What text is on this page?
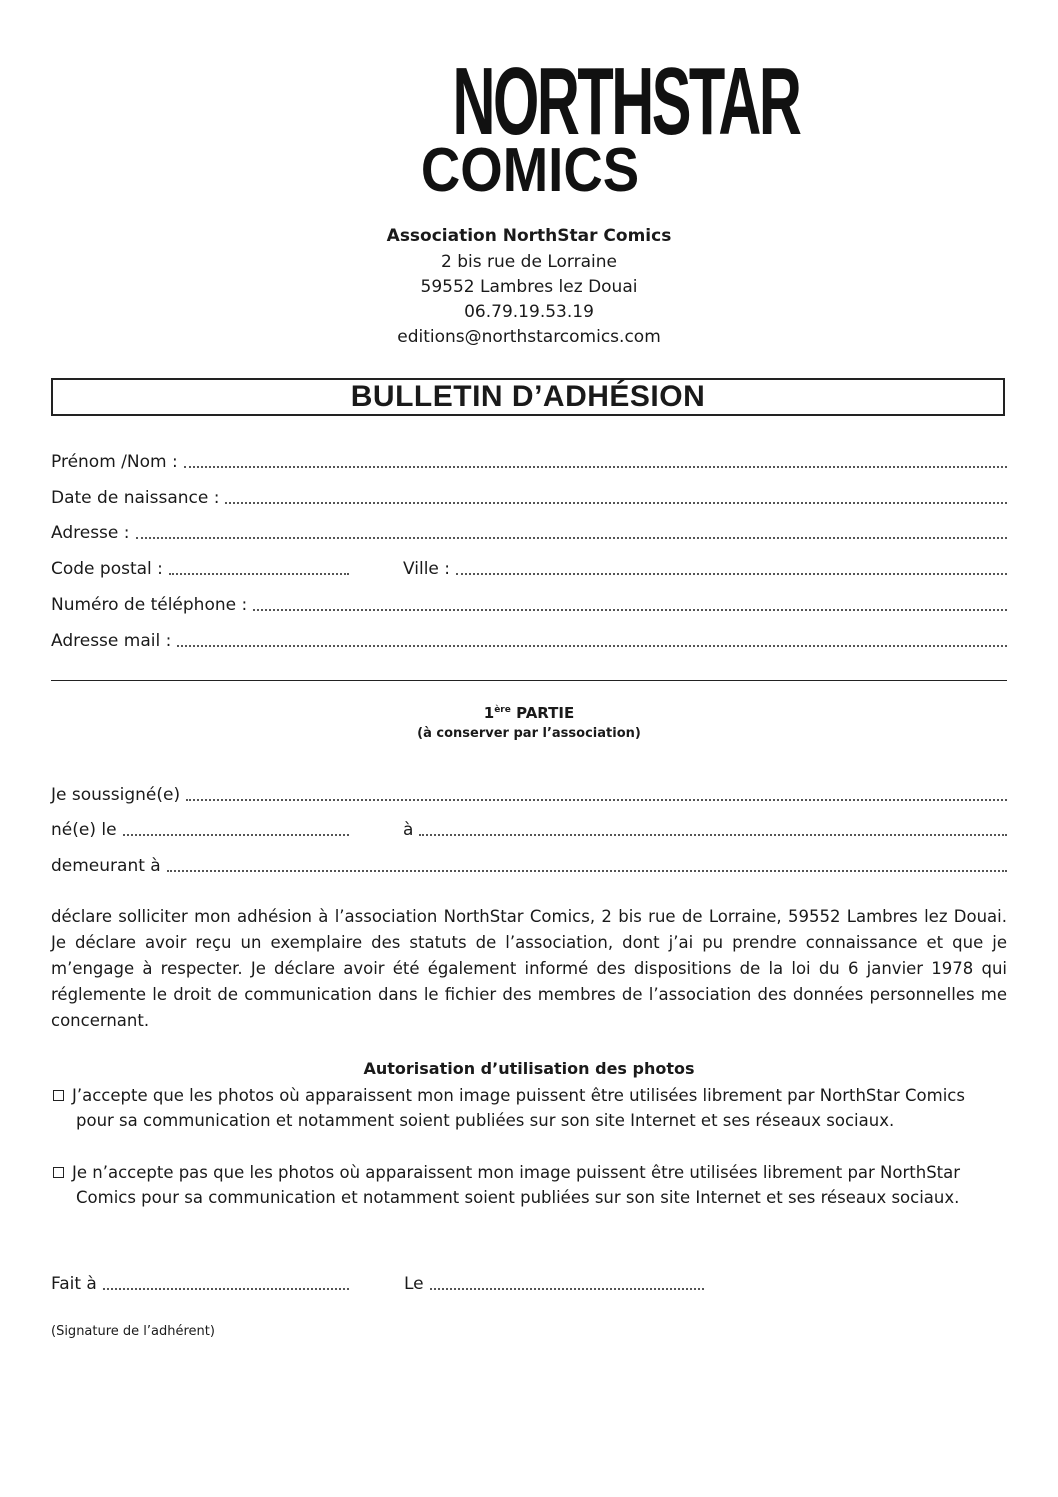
NORTHSTAR
COMICS
Association NorthStar Comics
2 bis rue de Lorraine
59552 Lambres lez Douai
06.79.19.53.19
editions@northstarcomics.com
BULLETIN D’ADHÉSION
Prénom /Nom :
Date de naissance :
Adresse :
Code postal :	Ville :
Numéro de téléphone :
Adresse mail :
1ère PARTIE
(à conserver par l’association)
Je soussigné(e)
né(e) le	à
demeurant à
déclare solliciter mon adhésion à l’association NorthStar Comics, 2 bis rue de Lorraine, 59552 Lambres lez Douai. Je déclare avoir reçu un exemplaire des statuts de l’association, dont j’ai pu prendre connaissance et que je m’engage à respecter. Je déclare avoir été également informé des dispositions de la loi du 6 janvier 1978 qui réglemente le droit de communication dans le fichier des membres de l’association des données personnelles me concernant.
Autorisation d’utilisation des photos
J’accepte que les photos où apparaissent mon image puissent être utilisées librement par NorthStar Comics
pour sa communication et notamment soient publiées sur son site Internet et ses réseaux sociaux.
Je n’accepte pas que les photos où apparaissent mon image puissent être utilisées librement par NorthStar
Comics pour sa communication et notamment soient publiées sur son site Internet et ses réseaux sociaux.
Fait à	Le
(Signature de l’adhérent)
